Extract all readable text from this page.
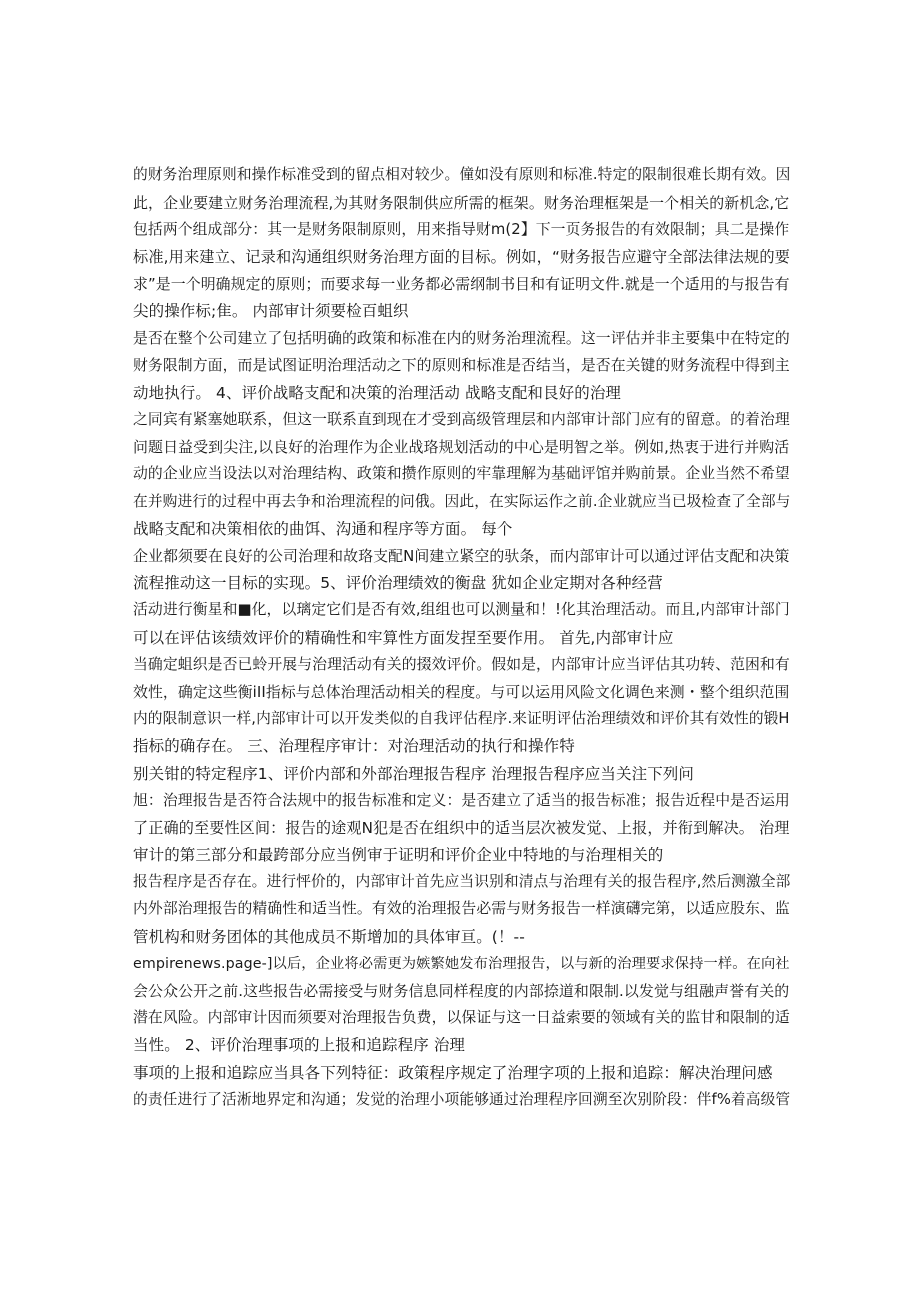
的财务治理原则和操作标准受到的留点相对较少。僮如没有原则和标准.特定的限制很难长期有效。因
此，企业要建立财务治理流程,为其财务限制供应所需的框架。财务治理框架是一个相关的新机念,它
包括两个组成部分：其一是财务限制原则，用来指导财m(2】下一页务报告的有效限制；具二是操作
标准,用来建立、记录和沟通组织财务治理方面的目标。例如，“财务报告应避守全部法律法规的要
求”是一个明确规定的原则；而要求每一业务都必需纲制书目和有证明文件.就是一个适用的与报告有
尖的操作标;隹。 内部审计须要检百蛆织
是否在整个公司建立了包括明确的政策和标准在内的财务治理流程。这一评估并非主要集中在特定的
财务限制方面，而是试图证明治理活动之下的原则和标准是否结当，是否在关键的财务流程中得到主
动地执行。 4、评价战略支配和决策的治理活动 战略支配和艮好的治理
之同宾有紧塞她联系，但这一联系直到现在才受到高级管理层和内部审计部门应有的留意。的着治理
问题日益受到尖注,以良好的治理作为企业战珞规划活动的中心是明智之举。例如,热衷于进行并购活
动的企业应当设法以对治理结构、政策和攒作原则的牢靠理解为基础评馆并购前景。企业当然不希望
在并购进行的过程中再去争和治理流程的问俄。因此，在实际运作之前.企业就应当已圾检查了全部与
战略支配和决策相依的曲饵、沟通和程序等方面。 每个
企业都须要在良好的公司治理和故珞支配N间建立紧空的驮条，而内部审计可以通过评估支配和决策
流程推动这一目标的实现。5、评价治理绩效的衡盘 犹如企业定期对各种经营
活动进行衡星和■化，以璃定它们是否有效,组组也可以测量和！!化其治理活动。而且,内部审计部门
可以在评估该绩效评价的精确性和牢算性方面发捏至要作用。 首先,内部审计应
当确定蛆织是否已蛉开展与治理活动有关的掇效评价。假如是，内部审计应当评估其功转、范困和有
效性，确定这些衡iII指标与总体治理活动相关的程度。与可以运用风险文化调色来测・整个组织范围
内的限制意识一样,内部审计可以开发类似的自我评估程序.来证明评估治理绩效和评价其有效性的锻H
指标的确存在。 三、治理程序审计：对治理活动的执行和操作特
别关钳的特定程序1、评价内部和外部治理报告程序 治理报告程序应当关注下列问
旭：治理报告是否符合法规中的报告标准和定义：是否建立了适当的报告标准；报告近程中是否运用
了正确的至要性区间：报告的途观N犯是否在组织中的适当层次被发觉、上报，并衔到解决。 治理
审计的第三部分和最跨部分应当例审于证明和评价企业中特地的与治理相关的
报告程序是否存在。进行怦价的，内部审计首先应当识别和清点与治理有关的报告程序,然后测激全部
内外部治理报告的精确性和适当性。有效的治理报告必需与财务报告一样演礴完第，以适应股东、监
管机构和财务团体的其他成员不斯增加的具体审亘。(！--
empirenews.page-]以后，企业将必需更为嫉繁她发布治理报告，以与新的治理要求保持一样。在向社
会公众公开之前.这些报告必需接受与财务信息同样程度的内部捺道和限制.以发觉与组融声誉有关的
潜在风险。内部审计因而须要对治理报告负费，以保证与这一日益索要的领域有关的监甘和限制的适
当性。 2、评价治理事项的上报和追踪程序 治理
事项的上报和追踪应当具各下列特征：政策程序规定了治理字项的上报和追踪：解决治理问感
的责任进行了活淅地界定和沟通；发觉的治理小项能够通过治理程序回溯至次别阶段：伴f%着高级管
